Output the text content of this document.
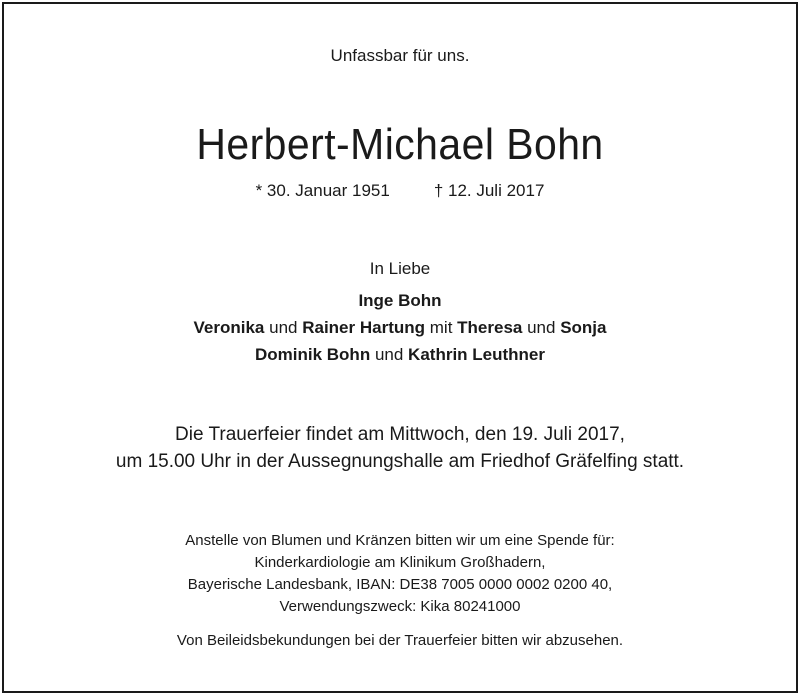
Unfassbar für uns.
Herbert-Michael Bohn
* 30. Januar 1951	† 12. Juli 2017
In Liebe
Inge Bohn
Veronika und Rainer Hartung mit Theresa und Sonja
Dominik Bohn und Kathrin Leuthner
Die Trauerfeier findet am Mittwoch, den 19. Juli 2017,
um 15.00 Uhr in der Aussegnungshalle am Friedhof Gräfelfing statt.
Anstelle von Blumen und Kränzen bitten wir um eine Spende für:
Kinderkardiologie am Klinikum Großhadern,
Bayerische Landesbank, IBAN: DE38 7005 0000 0002 0200 40,
Verwendungszweck: Kika 80241000
Von Beileidsbekundungen bei der Trauerfeier bitten wir abzusehen.
